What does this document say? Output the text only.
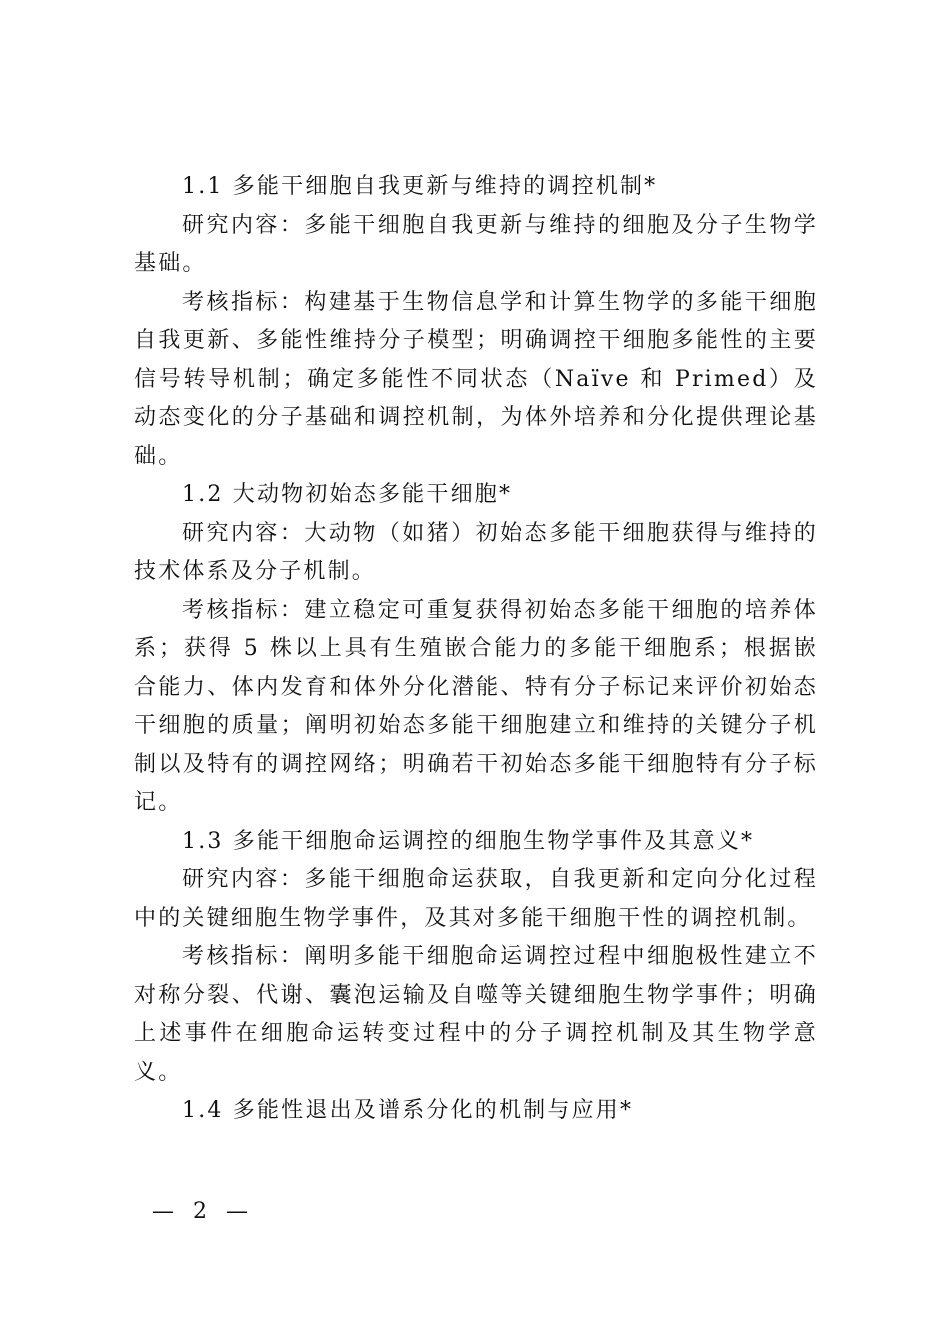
1.1 多能干细胞自我更新与维持的调控机制*

研究内容：多能干细胞自我更新与维持的细胞及分子生物学基础。

考核指标：构建基于生物信息学和计算生物学的多能干细胞自我更新、多能性维持分子模型；明确调控干细胞多能性的主要信号转导机制；确定多能性不同状态（Naïve 和 Primed）及动态变化的分子基础和调控机制，为体外培养和分化提供理论基础。

1.2 大动物初始态多能干细胞*

研究内容：大动物（如猪）初始态多能干细胞获得与维持的技术体系及分子机制。

考核指标：建立稳定可重复获得初始态多能干细胞的培养体系；获得 5 株以上具有生殖嵌合能力的多能干细胞系；根据嵌合能力、体内发育和体外分化潜能、特有分子标记来评价初始态干细胞的质量；阐明初始态多能干细胞建立和维持的关键分子机制以及特有的调控网络；明确若干初始态多能干细胞特有分子标记。

1.3 多能干细胞命运调控的细胞生物学事件及其意义*

研究内容：多能干细胞命运获取，自我更新和定向分化过程中的关键细胞生物学事件，及其对多能干细胞干性的调控机制。

考核指标：阐明多能干细胞命运调控过程中细胞极性建立不对称分裂、代谢、囊泡运输及自噬等关键细胞生物学事件；明确上述事件在细胞命运转变过程中的分子调控机制及其生物学意义。

1.4 多能性退出及谱系分化的机制与应用*

— 2 —
